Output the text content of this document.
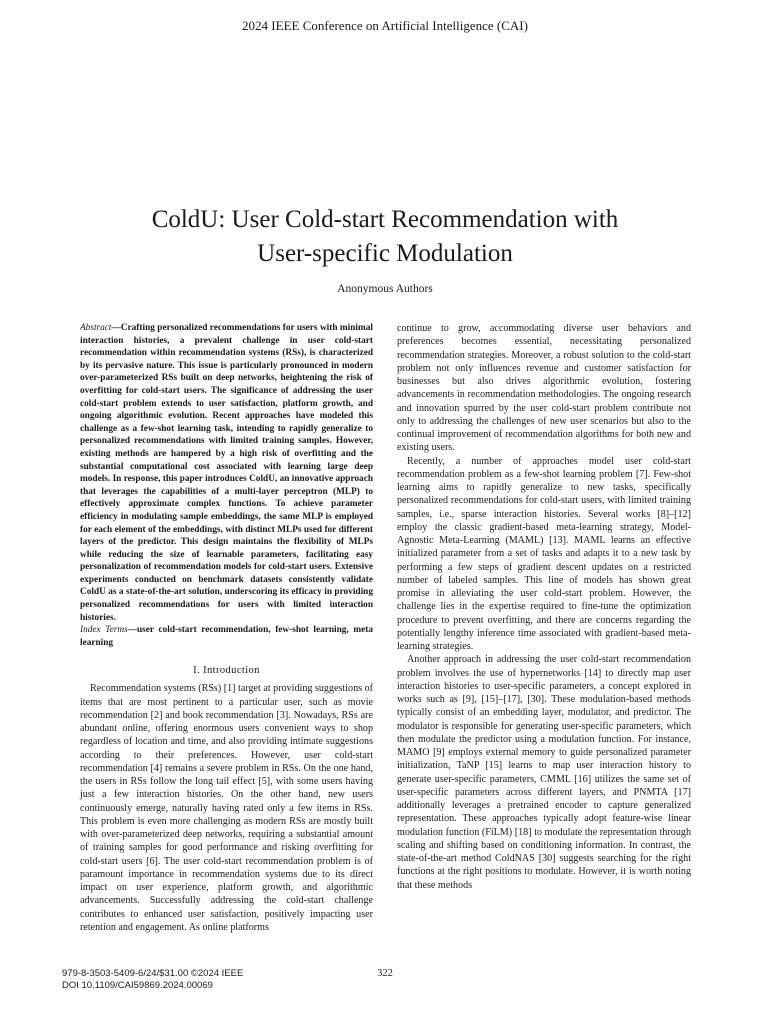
2024 IEEE Conference on Artificial Intelligence (CAI)
ColdU: User Cold-start Recommendation with
User-specific Modulation
Anonymous Authors

Abstract—Crafting personalized recommendations for users with minimal interaction histories, a prevalent challenge in user cold-start recommendation within recommendation systems (RSs), is characterized by its pervasive nature. This issue is particularly pronounced in modern over-parameterized RSs built on deep networks, heightening the risk of overfitting for cold-start users. The significance of addressing the user cold-start problem extends to user satisfaction, platform growth, and ongoing algorithmic evolution. Recent approaches have modeled this challenge as a few-shot learning task, intending to rapidly generalize to personalized recommendations with limited training samples. However, existing methods are hampered by a high risk of overfitting and the substantial computational cost associated with learning large deep models. In response, this paper introduces ColdU, an innovative approach that leverages the capabilities of a multi-layer perceptron (MLP) to effectively approximate complex functions. To achieve parameter efficiency in modulating sample embeddings, the same MLP is employed for each element of the embeddings, with distinct MLPs used for different layers of the predictor. This design maintains the flexibility of MLPs while reducing the size of learnable parameters, facilitating easy personalization of recommendation models for cold-start users. Extensive experiments conducted on benchmark datasets consistently validate ColdU as a state-of-the-art solution, underscoring its efficacy in providing personalized recommendations for users with limited interaction histories.

Index Terms—user cold-start recommendation, few-shot learning, meta learning

I. Introduction

Recommendation systems (RSs) [1] target at providing suggestions of items that are most pertinent to a particular user, such as movie recommendation [2] and book recommendation [3]. Nowadays, RSs are abundant online, offering enormous users convenient ways to shop regardless of location and time, and also providing intimate suggestions according to their preferences. However, user cold-start recommendation [4] remains a severe problem in RSs. On the one hand, the users in RSs follow the long tail effect [5], with some users having just a few interaction histories. On the other hand, new users continuously emerge, naturally having rated only a few items in RSs. This problem is even more challenging as modern RSs are mostly built with over-parameterized deep networks, requiring a substantial amount of training samples for good performance and risking overfitting for cold-start users [6]. The user cold-start recommendation problem is of paramount importance in recommendation systems due to its direct impact on user experience, platform growth, and algorithmic advancements. Successfully addressing the cold-start challenge contributes to enhanced user satisfaction, positively impacting user retention and engagement. As online platforms

continue to grow, accommodating diverse user behaviors and preferences becomes essential, necessitating personalized recommendation strategies. Moreover, a robust solution to the cold-start problem not only influences revenue and customer satisfaction for businesses but also drives algorithmic evolution, fostering advancements in recommendation methodologies. The ongoing research and innovation spurred by the user cold-start problem contribute not only to addressing the challenges of new user scenarios but also to the continual improvement of recommendation algorithms for both new and existing users.

Recently, a number of approaches model user cold-start recommendation problem as a few-shot learning problem [7]. Few-shot learning aims to rapidly generalize to new tasks, specifically personalized recommendations for cold-start users, with limited training samples, i.e., sparse interaction histories. Several works [8]–[12] employ the classic gradient-based meta-learning strategy, Model-Agnostic Meta-Learning (MAML) [13]. MAML learns an effective initialized parameter from a set of tasks and adapts it to a new task by performing a few steps of gradient descent updates on a restricted number of labeled samples. This line of models has shown great promise in alleviating the user cold-start problem. However, the challenge lies in the expertise required to fine-tune the optimization procedure to prevent overfitting, and there are concerns regarding the potentially lengthy inference time associated with gradient-based meta-learning strategies.

Another approach in addressing the user cold-start recommendation problem involves the use of hypernetworks [14] to directly map user interaction histories to user-specific parameters, a concept explored in works such as [9], [15]–[17], [30]. These modulation-based methods typically consist of an embedding layer, modulator, and predictor. The modulator is responsible for generating user-specific parameters, which then modulate the predictor using a modulation function. For instance, MAMO [9] employs external memory to guide personalized parameter initialization, TaNP [15] learns to map user interaction history to generate user-specific parameters, CMML [16] utilizes the same set of user-specific parameters across different layers, and PNMTA [17] additionally leverages a pretrained encoder to capture generalized representation. These approaches typically adopt feature-wise linear modulation function (FiLM) [18] to modulate the representation through scaling and shifting based on conditioning information. In contrast, the state-of-the-art method ColdNAS [30] suggests searching for the right functions at the right positions to modulate. However, it is worth noting that these methods

979-8-3503-5409-6/24/$31.00 ©2024 IEEE
DOI 10.1109/CAI59869.2024.00069
322
